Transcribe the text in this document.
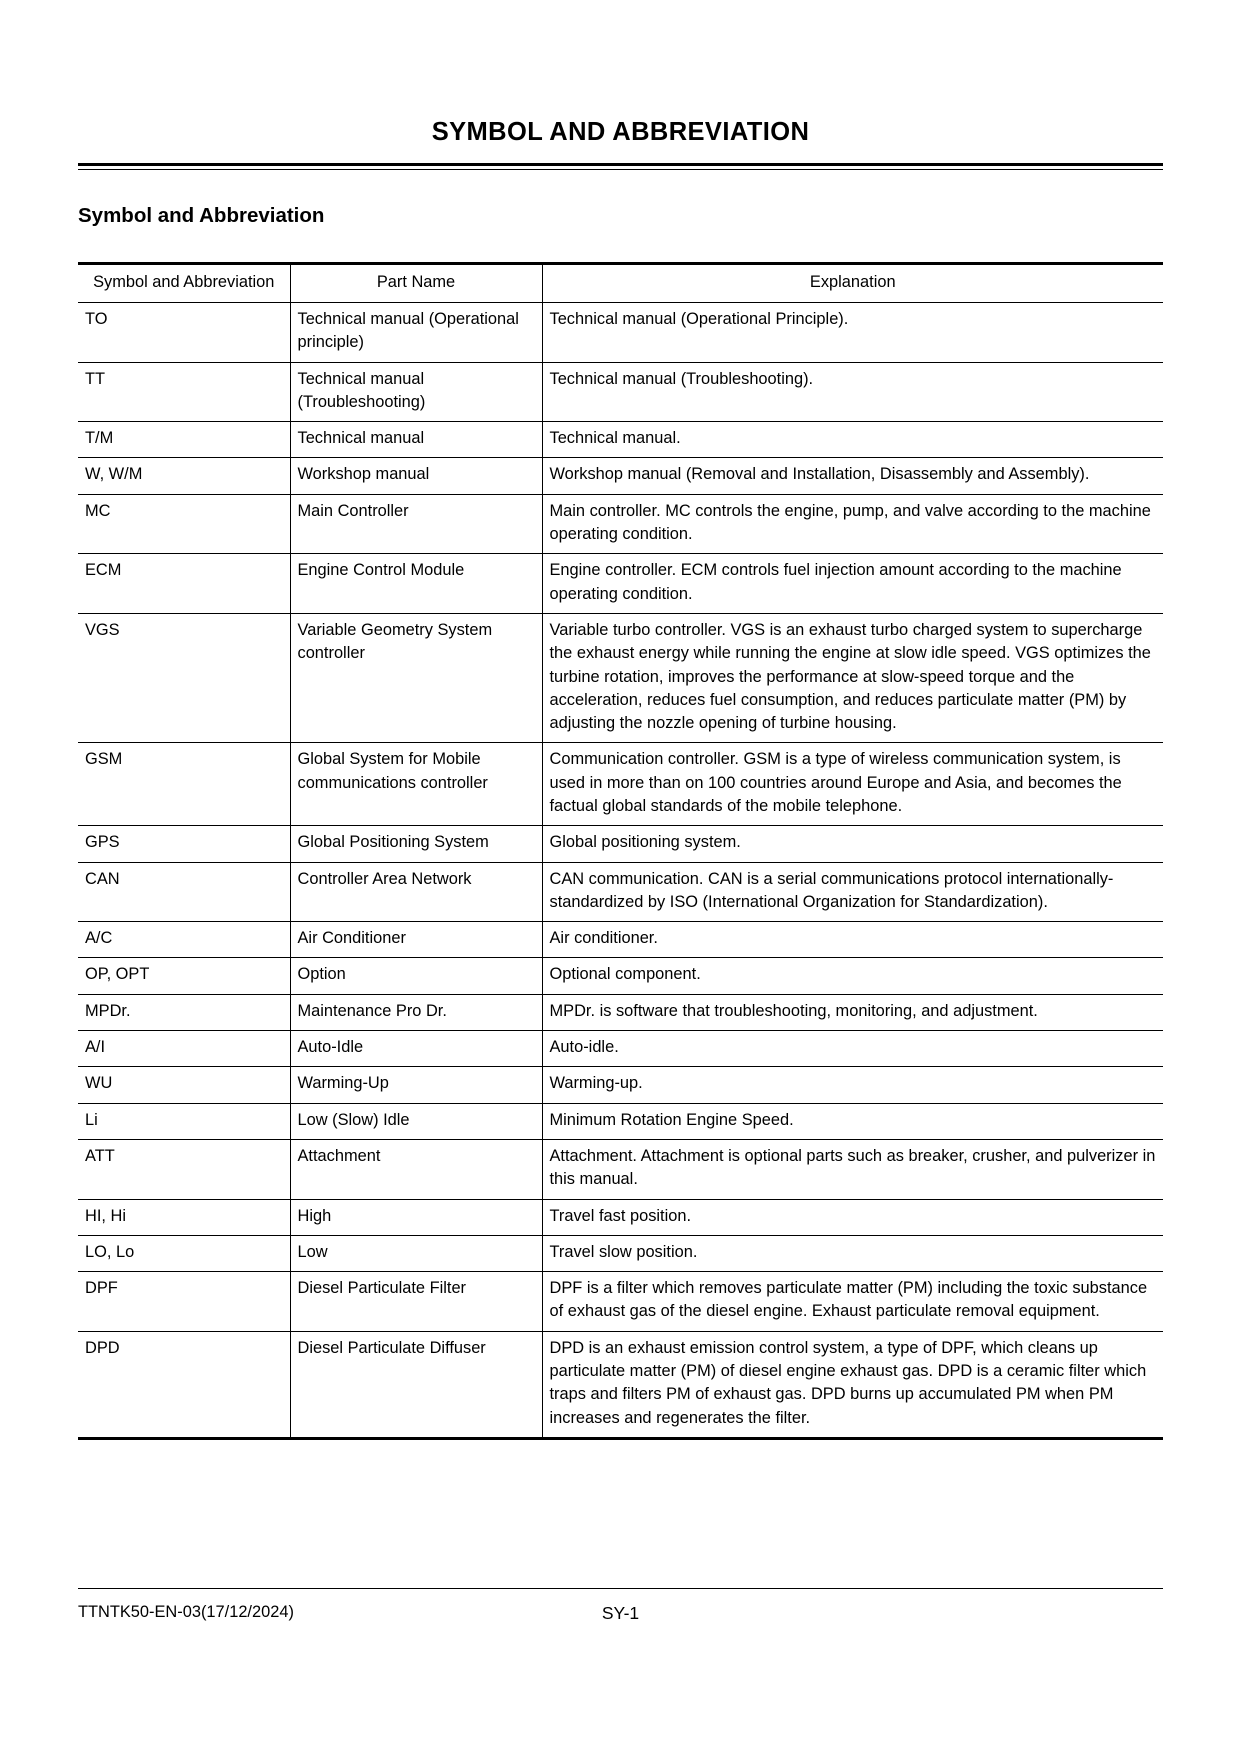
SYMBOL AND ABBREVIATION
Symbol and Abbreviation
Symbol and Abbreviation	Part Name	Explanation
TO	Technical manual (Operational principle)	Technical manual (Operational Principle).
TT	Technical manual (Troubleshooting)	Technical manual (Troubleshooting).
T/M	Technical manual	Technical manual.
W, W/M	Workshop manual	Workshop manual (Removal and Installation, Disassembly and Assembly).
MC	Main Controller	Main controller. MC controls the engine, pump, and valve according to the machine operating condition.
ECM	Engine Control Module	Engine controller. ECM controls fuel injection amount according to the machine operating condition.
VGS	Variable Geometry System controller	Variable turbo controller. VGS is an exhaust turbo charged system to supercharge the exhaust energy while running the engine at slow idle speed. VGS optimizes the turbine rotation, improves the performance at slow-speed torque and the acceleration, reduces fuel consumption, and reduces particulate matter (PM) by adjusting the nozzle opening of turbine housing.
GSM	Global System for Mobile communications controller	Communication controller. GSM is a type of wireless communication system, is used in more than on 100 countries around Europe and Asia, and becomes the factual global standards of the mobile telephone.
GPS	Global Positioning System	Global positioning system.
CAN	Controller Area Network	CAN communication. CAN is a serial communications protocol internationally-standardized by ISO (International Organization for Standardization).
A/C	Air Conditioner	Air conditioner.
OP, OPT	Option	Optional component.
MPDr.	Maintenance Pro Dr.	MPDr. is software that troubleshooting, monitoring, and adjustment.
A/I	Auto-Idle	Auto-idle.
WU	Warming-Up	Warming-up.
Li	Low (Slow) Idle	Minimum Rotation Engine Speed.
ATT	Attachment	Attachment. Attachment is optional parts such as breaker, crusher, and pulverizer in this manual.
HI, Hi	High	Travel fast position.
LO, Lo	Low	Travel slow position.
DPF	Diesel Particulate Filter	DPF is a filter which removes particulate matter (PM) including the toxic substance of exhaust gas of the diesel engine. Exhaust particulate removal equipment.
DPD	Diesel Particulate Diffuser	DPD is an exhaust emission control system, a type of DPF, which cleans up particulate matter (PM) of diesel engine exhaust gas. DPD is a ceramic filter which traps and filters PM of exhaust gas. DPD burns up accumulated PM when PM increases and regenerates the filter.
TTNTK50-EN-03(17/12/2024)	SY-1
